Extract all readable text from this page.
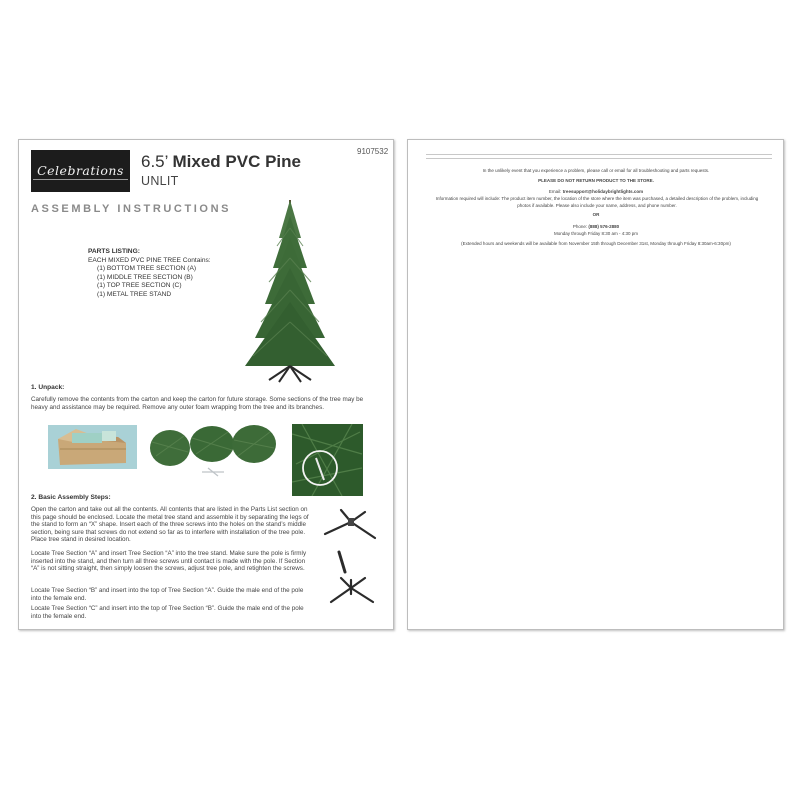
Celebrations 6.5’ Mixed PVC Pine
UNLIT
9107532
ASSEMBLY INSTRUCTIONS
PARTS LISTING:
EACH MIXED PVC PINE TREE Contains:
(1) BOTTOM TREE SECTION (A)
(1) MIDDLE TREE SECTION (B)
(1) TOP TREE SECTION (C)
(1) METAL TREE STAND
1. Unpack:
Carefully remove the contents from the carton and keep the carton for future storage. Some sections of the tree may be heavy and assistance may be required. Remove any outer foam wrapping from the tree and its branches.
2. Basic Assembly Steps:
Open the carton and take out all the contents. All contents that are listed in the Parts List section on this page should be enclosed. Locate the metal tree stand and assemble it by separating the legs of the stand to form an “X” shape. Insert each of the three screws into the holes on the stand’s middle section, being sure that screws do not extend so far as to interfere with installation of the tree pole. Place tree stand in desired location.
Locate Tree Section “A” and insert Tree Section “A” into the tree stand. Make sure the pole is firmly inserted into the stand, and then turn all three screws until contact is made with the pole. If Section “A” is not sitting straight, then simply loosen the screws, adjust tree pole, and retighten the screws.
Locate Tree Section “B” and insert into the top of Tree Section “A”. Guide the male end of the pole into the female end.
Locate Tree Section “C” and insert into the top of Tree Section “B”. Guide the male end of the pole into the female end.
In the unlikely event that you experience a problem, please call or email for all troubleshooting and parts requests.
PLEASE DO NOT RETURN PRODUCT TO THE STORE.
Email: treesupport@holidaybrightlights.com
Information required will include: The product item number, the location of the store where the item was purchased, a detailed description of the problem, including photos if available. Please also include your name, address, and phone number.
OR
Phone: (888) 576-2880
Monday through Friday 8:30 am - 4:30 pm
(Extended hours and weekends will be available from November 15th through December 31st, Monday through Friday 8:30am-6:30pm)
